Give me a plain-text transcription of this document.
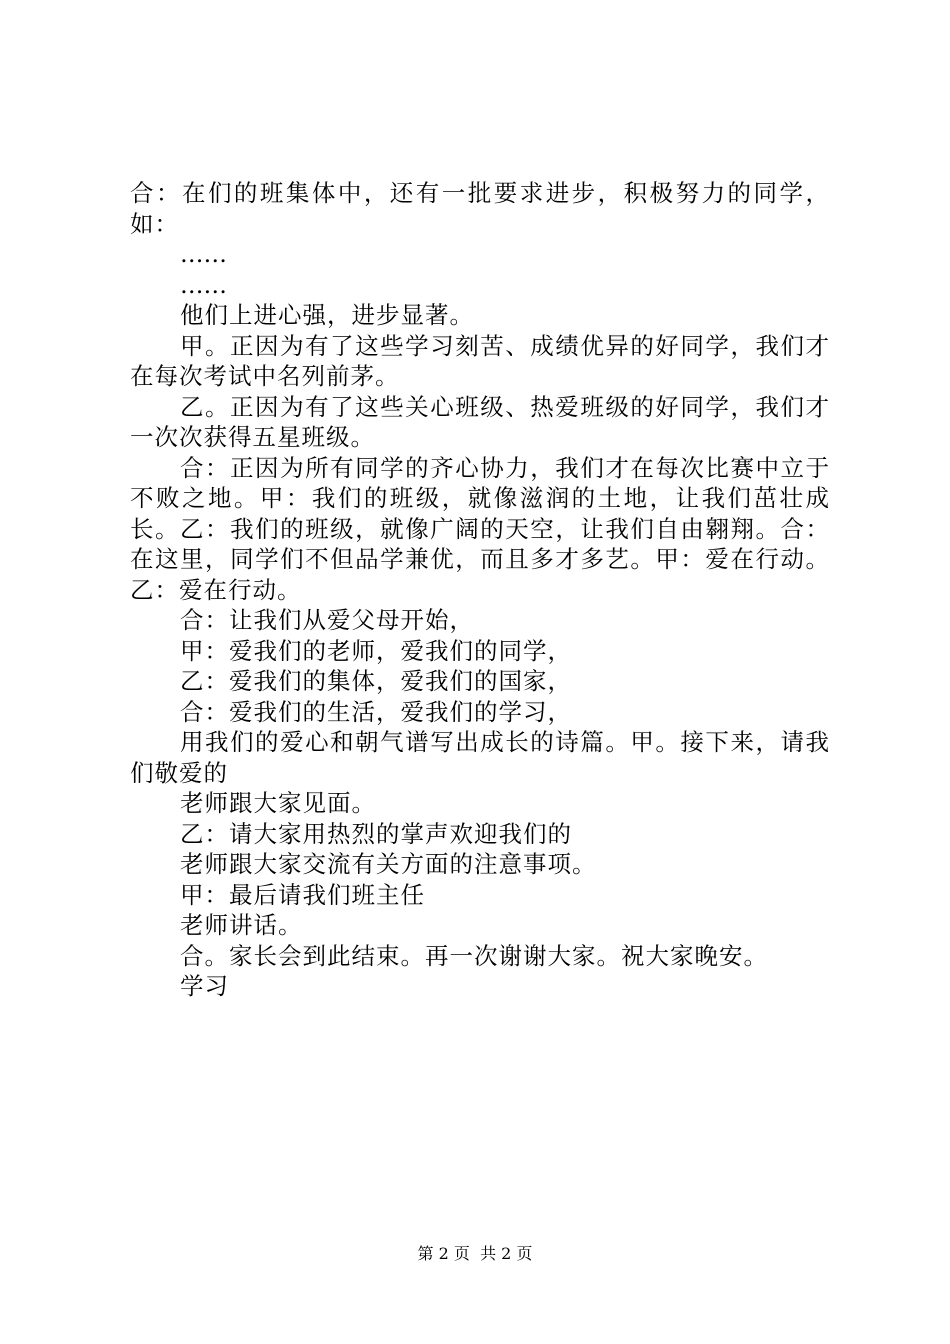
合：在们的班集体中，还有一批要求进步，积极努力的同学，如：

……

……

他们上进心强，进步显著。

甲。正因为有了这些学习刻苦、成绩优异的好同学，我们才在每次考试中名列前茅。

乙。正因为有了这些关心班级、热爱班级的好同学，我们才一次次获得五星班级。

合：正因为所有同学的齐心协力，我们才在每次比赛中立于不败之地。甲：我们的班级，就像滋润的土地，让我们茁壮成长。乙：我们的班级，就像广阔的天空，让我们自由翱翔。合：在这里，同学们不但品学兼优，而且多才多艺。甲：爱在行动。乙：爱在行动。

合：让我们从爱父母开始，

甲：爱我们的老师，爱我们的同学，

乙：爱我们的集体，爱我们的国家，

合：爱我们的生活，爱我们的学习，

用我们的爱心和朝气谱写出成长的诗篇。甲。接下来，请我们敬爱的

老师跟大家见面。

乙：请大家用热烈的掌声欢迎我们的

老师跟大家交流有关方面的注意事项。

甲：最后请我们班主任

老师讲话。

合。家长会到此结束。再一次谢谢大家。祝大家晚安。

学习

第 2 页  共 2 页
